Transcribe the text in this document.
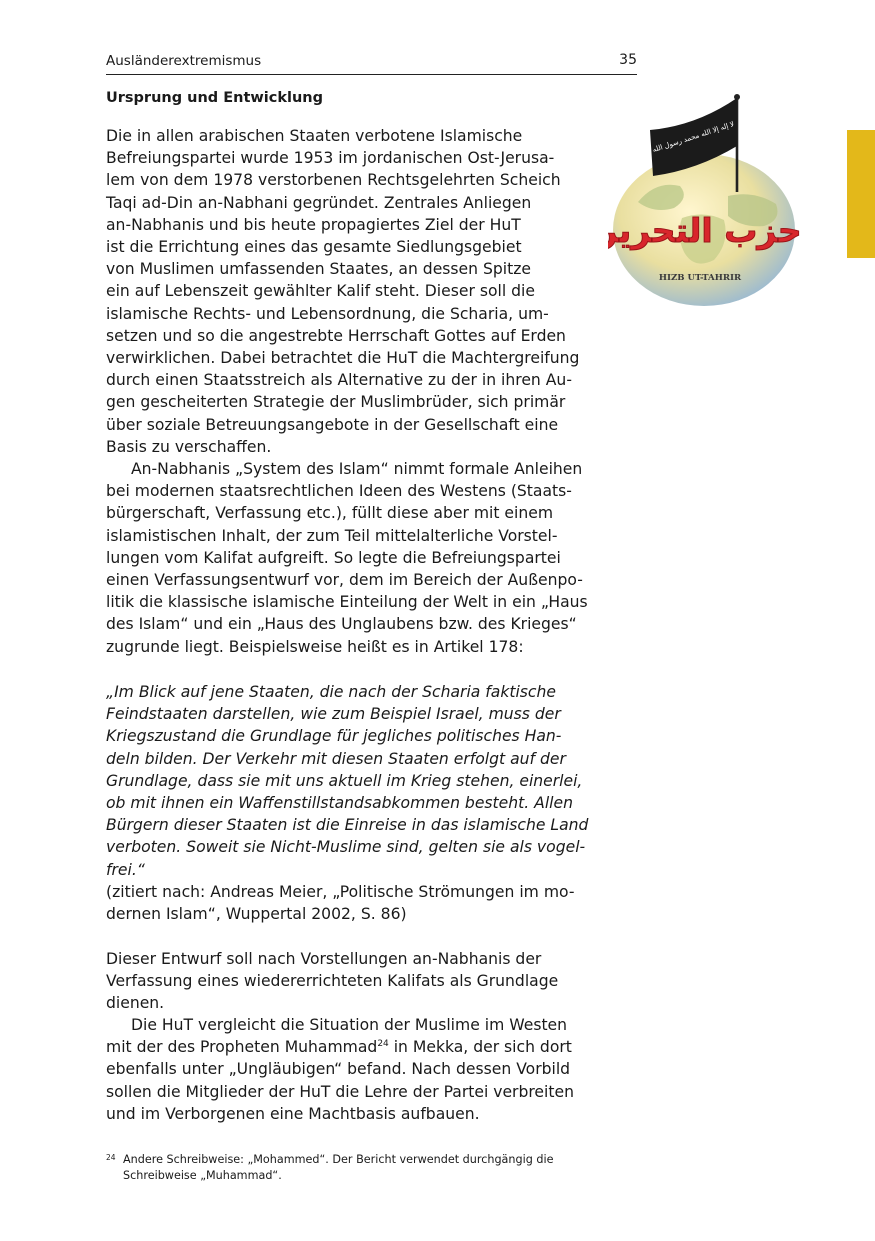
Ausländerextremismus	35
لا إله إلا الله محمد رسول الله
حزب التحرير
HIZB UT-TAHRIR
Ursprung und Entwicklung
Die in allen arabischen Staaten verbotene Islamische
Befreiungspartei wurde 1953 im jordanischen Ost-Jerusa-
lem von dem 1978 verstorbenen Rechtsgelehrten Scheich
Taqi ad-Din an-Nabhani gegründet. Zentrales Anliegen
an-Nabhanis und bis heute propagiertes Ziel der HuT
ist die Errichtung eines das gesamte Siedlungsgebiet
von Muslimen umfassenden Staates, an dessen Spitze
ein auf Lebenszeit gewählter Kalif steht. Dieser soll die
islamische Rechts- und Lebensordnung, die Scharia, um-
setzen und so die angestrebte Herrschaft Gottes auf Erden
verwirklichen. Dabei betrachtet die HuT die Machtergreifung
durch einen Staatsstreich als Alternative zu der in ihren Au-
gen gescheiterten Strategie der Muslimbrüder, sich primär
über soziale Betreuungsangebote in der Gesellschaft eine
Basis zu verschaffen.
An-Nabhanis „System des Islam“ nimmt formale Anleihen
bei modernen staatsrechtlichen Ideen des Westens (Staats-
bürgerschaft, Verfassung etc.), füllt diese aber mit einem
islamistischen Inhalt, der zum Teil mittelalterliche Vorstel-
lungen vom Kalifat aufgreift. So legte die Befreiungspartei
einen Verfassungsentwurf vor, dem im Bereich der Außenpo-
litik die klassische islamische Einteilung der Welt in ein „Haus
des Islam“ und ein „Haus des Unglaubens bzw. des Krieges“
zugrunde liegt. Beispielsweise heißt es in Artikel 178:
„Im Blick auf jene Staaten, die nach der Scharia faktische
Feindstaaten darstellen, wie zum Beispiel Israel, muss der
Kriegszustand die Grundlage für jegliches politisches Han-
deln bilden. Der Verkehr mit diesen Staaten erfolgt auf der
Grundlage, dass sie mit uns aktuell im Krieg stehen, einerlei,
ob mit ihnen ein Waffenstillstandsabkommen besteht. Allen
Bürgern dieser Staaten ist die Einreise in das islamische Land
verboten. Soweit sie Nicht-Muslime sind, gelten sie als vogel-
frei.“
(zitiert nach: Andreas Meier, „Politische Strömungen im mo-
dernen Islam“, Wuppertal 2002, S. 86)
Dieser Entwurf soll nach Vorstellungen an-Nabhanis der
Verfassung eines wiedererrichteten Kalifats als Grundlage
dienen.
Die HuT vergleicht die Situation der Muslime im Westen
mit der des Propheten Muhammad$^{24}$ in Mekka, der sich dort
ebenfalls unter „Ungläubigen“ befand. Nach dessen Vorbild
sollen die Mitglieder der HuT die Lehre der Partei verbreiten
und im Verborgenen eine Machtbasis aufbauen.
24 Andere Schreibweise: „Mohammed“. Der Bericht verwendet durchgängig die
Schreibweise „Muhammad“.
